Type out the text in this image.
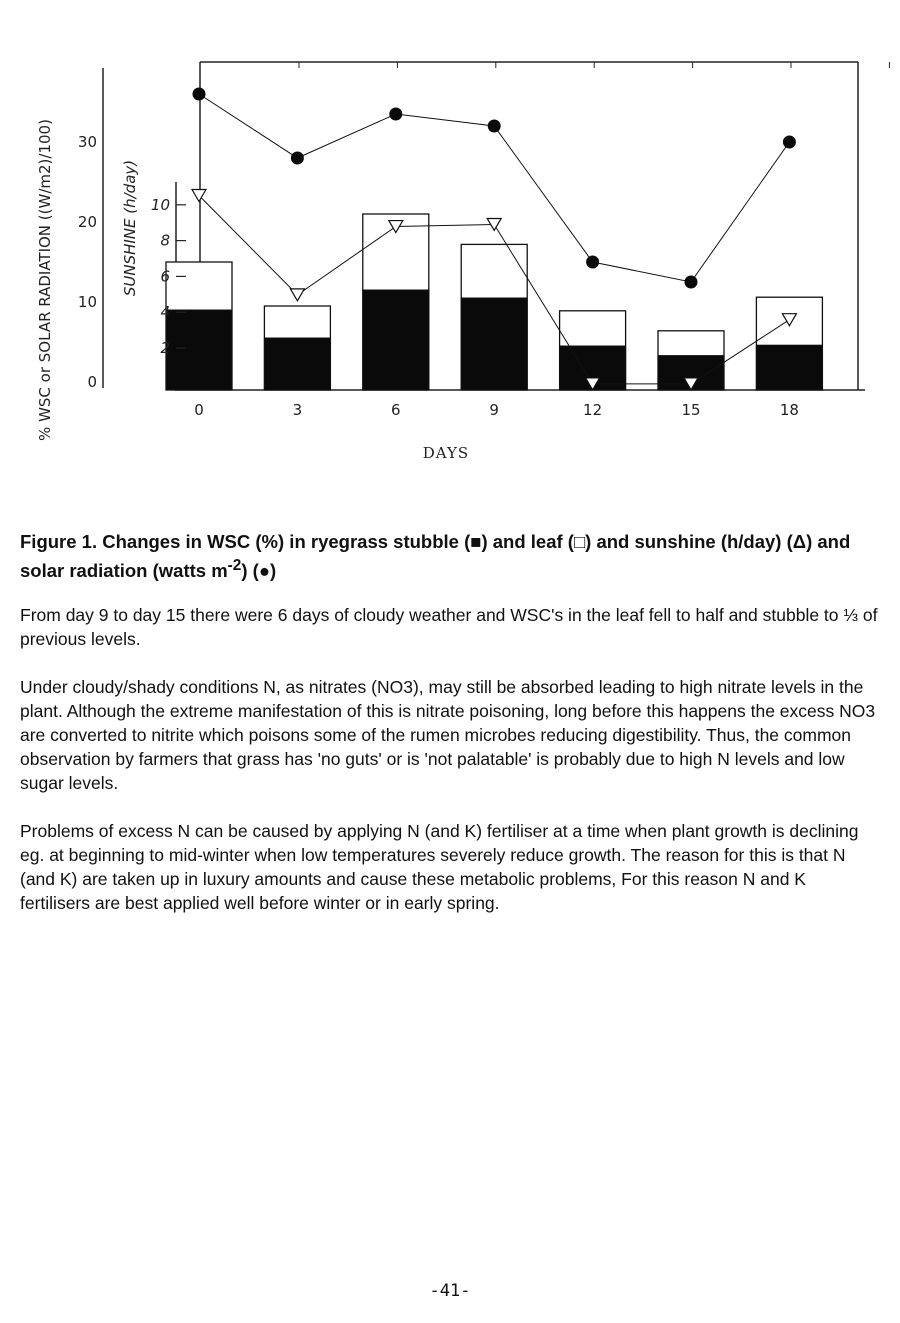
0
10
20
30
2
4
6
8
10
0	3	6	9	12	15	18
DAYS
% WSC or SOLAR RADIATION ((W/m2)/100)	SUNSHINE (h/day)

Figure 1. Changes in WSC (%) in ryegrass stubble (■) and leaf (□) and sunshine (h/day) (Δ) and solar radiation (watts $m^{-2}$) (●)

From day 9 to day 15 there were 6 days of cloudy weather and WSC's in the leaf fell to half and stubble to ⅓ of previous levels.

Under cloudy/shady conditions N, as nitrates (NO3), may still be absorbed leading to high nitrate levels in the plant. Although the extreme manifestation of this is nitrate poisoning, long before this happens the excess NO3 are converted to nitrite which poisons some of the rumen microbes reducing digestibility. Thus, the common observation by farmers that grass has 'no guts' or is 'not palatable' is probably due to high N levels and low sugar levels.

Problems of excess N can be caused by applying N (and K) fertiliser at a time when plant growth is declining eg. at beginning to mid-winter when low temperatures severely reduce growth. The reason for this is that N (and K) are taken up in luxury amounts and cause these metabolic problems, For this reason N and K fertilisers are best applied well before winter or in early spring.

-41-
